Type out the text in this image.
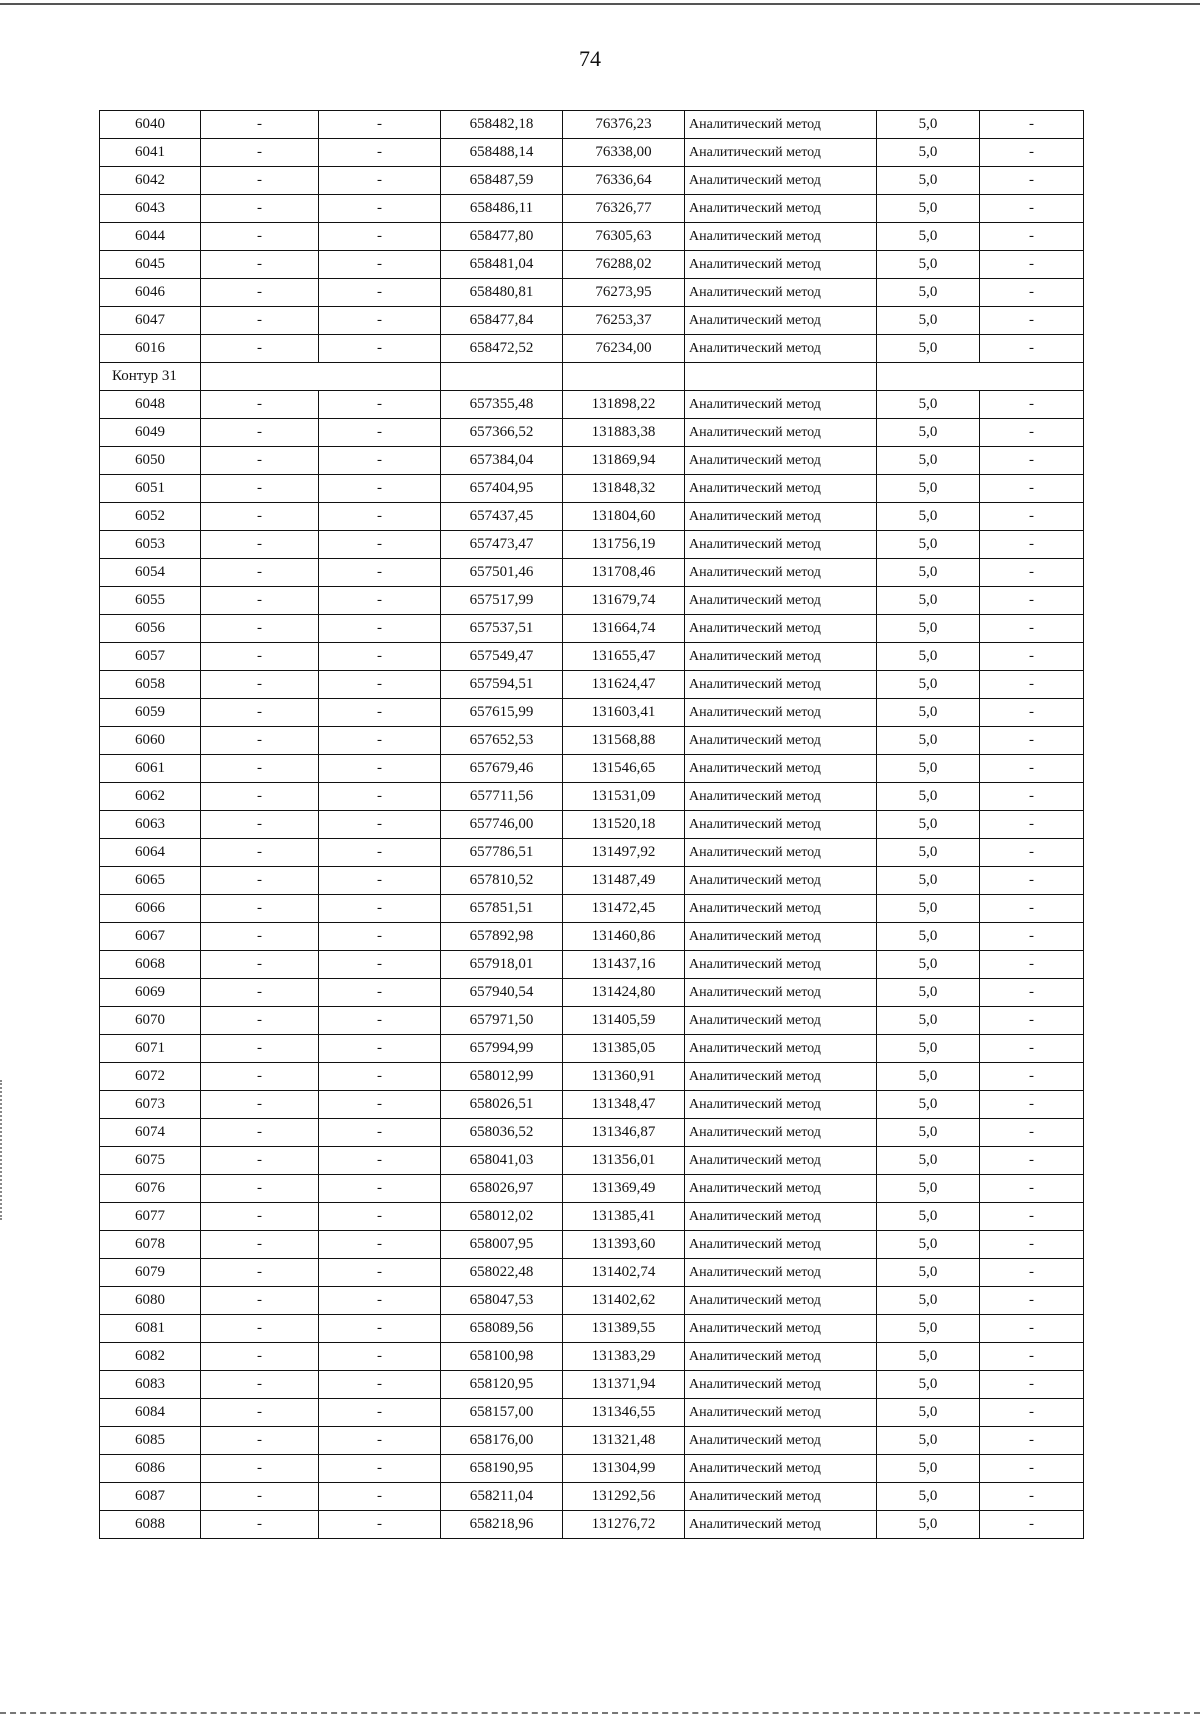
74
6040	-	-	658482,18	76376,23	Аналитический метод	5,0	-
6041	-	-	658488,14	76338,00	Аналитический метод	5,0	-
6042	-	-	658487,59	76336,64	Аналитический метод	5,0	-
6043	-	-	658486,11	76326,77	Аналитический метод	5,0	-
6044	-	-	658477,80	76305,63	Аналитический метод	5,0	-
6045	-	-	658481,04	76288,02	Аналитический метод	5,0	-
6046	-	-	658480,81	76273,95	Аналитический метод	5,0	-
6047	-	-	658477,84	76253,37	Аналитический метод	5,0	-
6016	-	-	658472,52	76234,00	Аналитический метод	5,0	-
Контур 31							
6048	-	-	657355,48	131898,22	Аналитический метод	5,0	-
6049	-	-	657366,52	131883,38	Аналитический метод	5,0	-
6050	-	-	657384,04	131869,94	Аналитический метод	5,0	-
6051	-	-	657404,95	131848,32	Аналитический метод	5,0	-
6052	-	-	657437,45	131804,60	Аналитический метод	5,0	-
6053	-	-	657473,47	131756,19	Аналитический метод	5,0	-
6054	-	-	657501,46	131708,46	Аналитический метод	5,0	-
6055	-	-	657517,99	131679,74	Аналитический метод	5,0	-
6056	-	-	657537,51	131664,74	Аналитический метод	5,0	-
6057	-	-	657549,47	131655,47	Аналитический метод	5,0	-
6058	-	-	657594,51	131624,47	Аналитический метод	5,0	-
6059	-	-	657615,99	131603,41	Аналитический метод	5,0	-
6060	-	-	657652,53	131568,88	Аналитический метод	5,0	-
6061	-	-	657679,46	131546,65	Аналитический метод	5,0	-
6062	-	-	657711,56	131531,09	Аналитический метод	5,0	-
6063	-	-	657746,00	131520,18	Аналитический метод	5,0	-
6064	-	-	657786,51	131497,92	Аналитический метод	5,0	-
6065	-	-	657810,52	131487,49	Аналитический метод	5,0	-
6066	-	-	657851,51	131472,45	Аналитический метод	5,0	-
6067	-	-	657892,98	131460,86	Аналитический метод	5,0	-
6068	-	-	657918,01	131437,16	Аналитический метод	5,0	-
6069	-	-	657940,54	131424,80	Аналитический метод	5,0	-
6070	-	-	657971,50	131405,59	Аналитический метод	5,0	-
6071	-	-	657994,99	131385,05	Аналитический метод	5,0	-
6072	-	-	658012,99	131360,91	Аналитический метод	5,0	-
6073	-	-	658026,51	131348,47	Аналитический метод	5,0	-
6074	-	-	658036,52	131346,87	Аналитический метод	5,0	-
6075	-	-	658041,03	131356,01	Аналитический метод	5,0	-
6076	-	-	658026,97	131369,49	Аналитический метод	5,0	-
6077	-	-	658012,02	131385,41	Аналитический метод	5,0	-
6078	-	-	658007,95	131393,60	Аналитический метод	5,0	-
6079	-	-	658022,48	131402,74	Аналитический метод	5,0	-
6080	-	-	658047,53	131402,62	Аналитический метод	5,0	-
6081	-	-	658089,56	131389,55	Аналитический метод	5,0	-
6082	-	-	658100,98	131383,29	Аналитический метод	5,0	-
6083	-	-	658120,95	131371,94	Аналитический метод	5,0	-
6084	-	-	658157,00	131346,55	Аналитический метод	5,0	-
6085	-	-	658176,00	131321,48	Аналитический метод	5,0	-
6086	-	-	658190,95	131304,99	Аналитический метод	5,0	-
6087	-	-	658211,04	131292,56	Аналитический метод	5,0	-
6088	-	-	658218,96	131276,72	Аналитический метод	5,0	-
